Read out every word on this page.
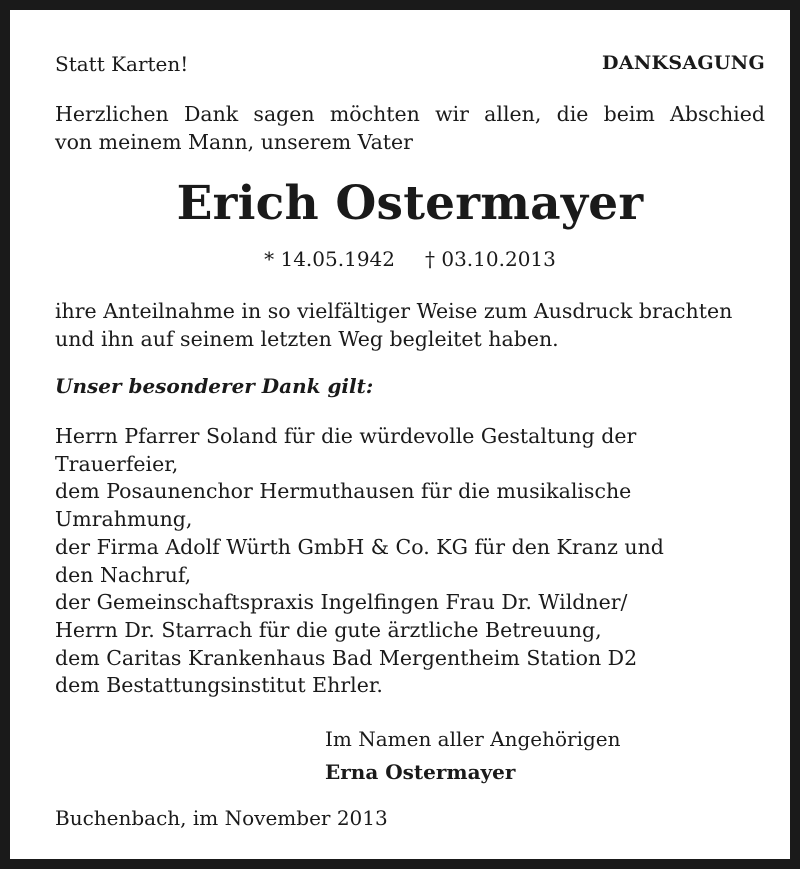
Statt Karten!	DANKSAGUNG
Herzlichen Dank sagen möchten wir allen, die beim Abschied
von meinem Mann, unserem Vater
Erich Ostermayer
* 14.05.1942 † 03.10.2013
ihre Anteilnahme in so vielfältiger Weise zum Ausdruck brachten
und ihn auf seinem letzten Weg begleitet haben.
Unser besonderer Dank gilt:
Herrn Pfarrer Soland für die würdevolle Gestaltung der
Trauerfeier,
dem Posaunenchor Hermuthausen für die musikalische
Umrahmung,
der Firma Adolf Würth GmbH & Co. KG für den Kranz und
den Nachruf,
der Gemeinschaftspraxis Ingelfingen Frau Dr. Wildner/
Herrn Dr. Starrach für die gute ärztliche Betreuung,
dem Caritas Krankenhaus Bad Mergentheim Station D2
dem Bestattungsinstitut Ehrler.
Im Namen aller Angehörigen
Erna Ostermayer
Buchenbach, im November 2013
